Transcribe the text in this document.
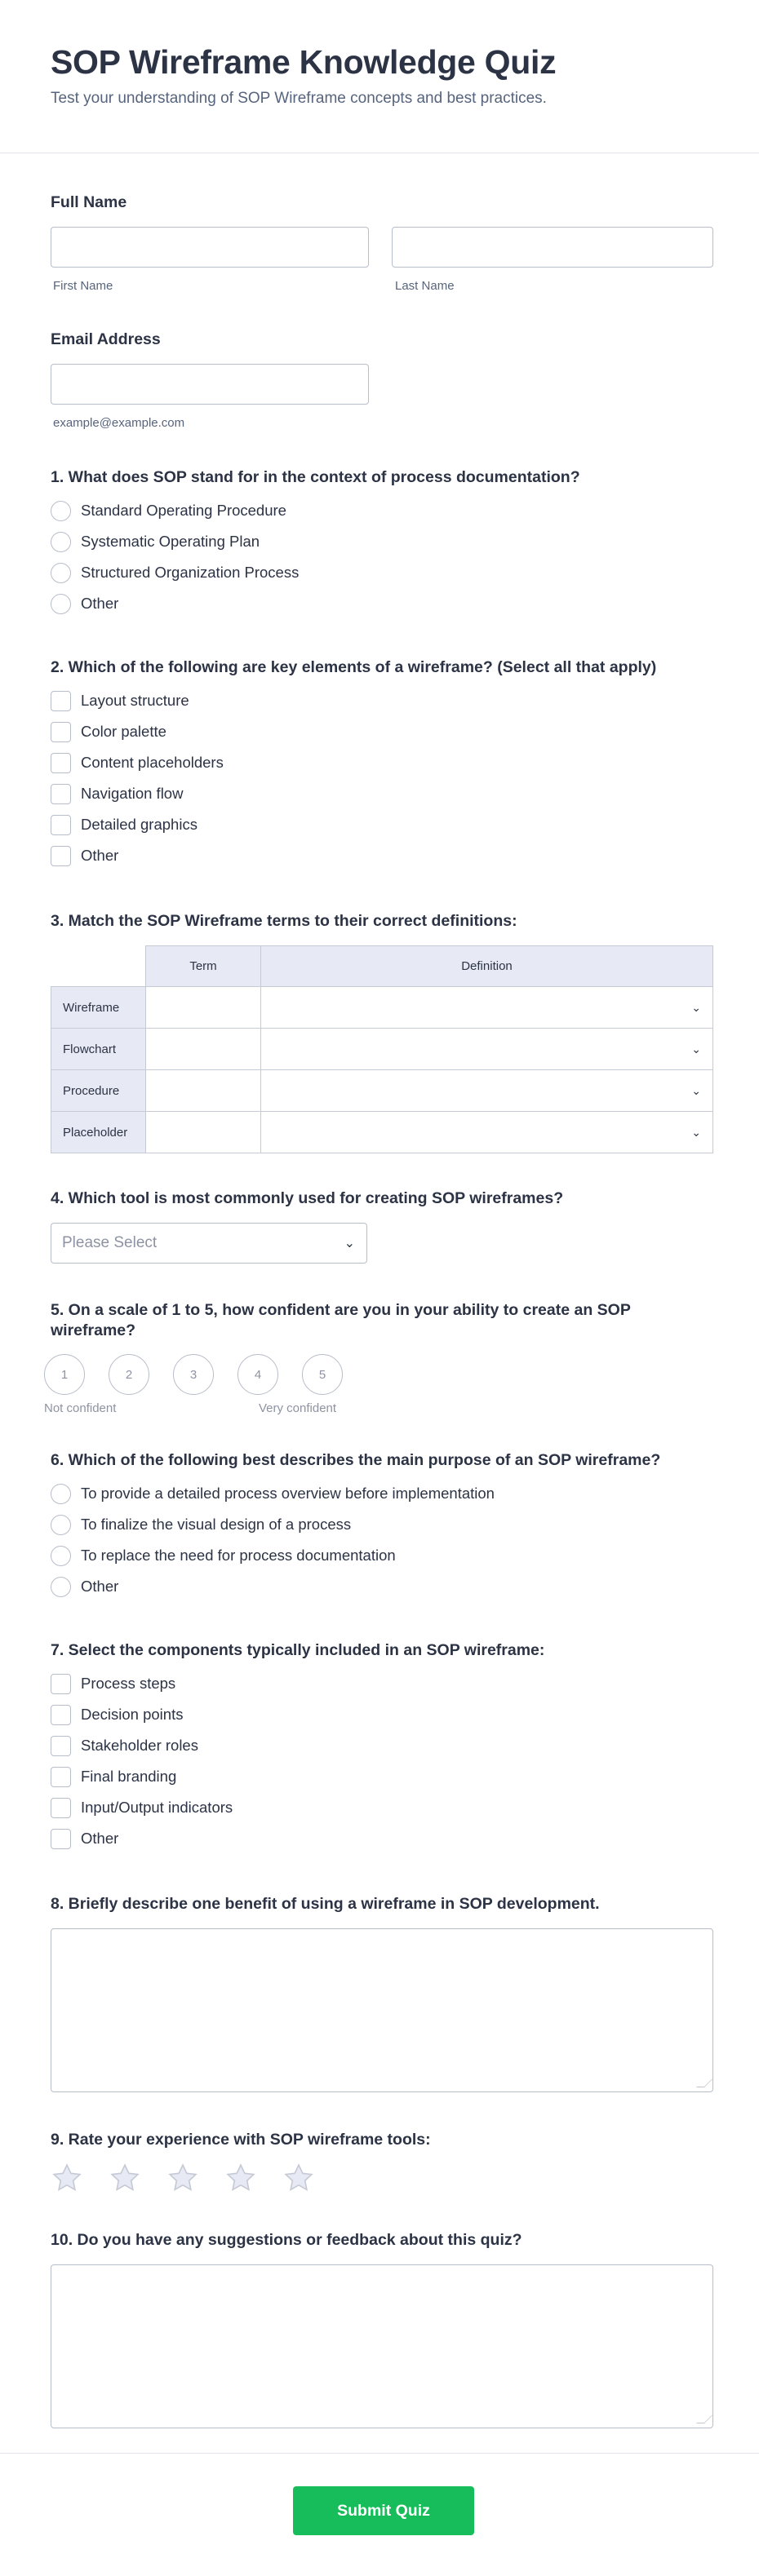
SOP Wireframe Knowledge Quiz

Test your understanding of SOP Wireframe concepts and best practices.

Full Name
First Name	Last Name
Email Address
example@example.com
1. What does SOP stand for in the context of process documentation?
Standard Operating Procedure
Systematic Operating Plan
Structured Organization Process
Other
2. Which of the following are key elements of a wireframe? (Select all that apply)
Layout structure
Color palette
Content placeholders
Navigation flow
Detailed graphics
Other
3. Match the SOP Wireframe terms to their correct definitions:
	Term	Definition
Wireframe		⌄

Flowchart		⌄

Procedure		⌄

Placeholder		⌄
4. Which tool is most commonly used for creating SOP wireframes?
Please Select	⌄
5. On a scale of 1 to 5, how confident are you in your ability to create an SOP wireframe?
1	2	3	4	5
Not confident	Very confident
6. Which of the following best describes the main purpose of an SOP wireframe?
To provide a detailed process overview before implementation
To finalize the visual design of a process
To replace the need for process documentation
Other
7. Select the components typically included in an SOP wireframe:
Process steps
Decision points
Stakeholder roles
Final branding
Input/Output indicators
Other
8. Briefly describe one benefit of using a wireframe in SOP development.
9. Rate your experience with SOP wireframe tools:
10. Do you have any suggestions or feedback about this quiz?
Submit Quiz
